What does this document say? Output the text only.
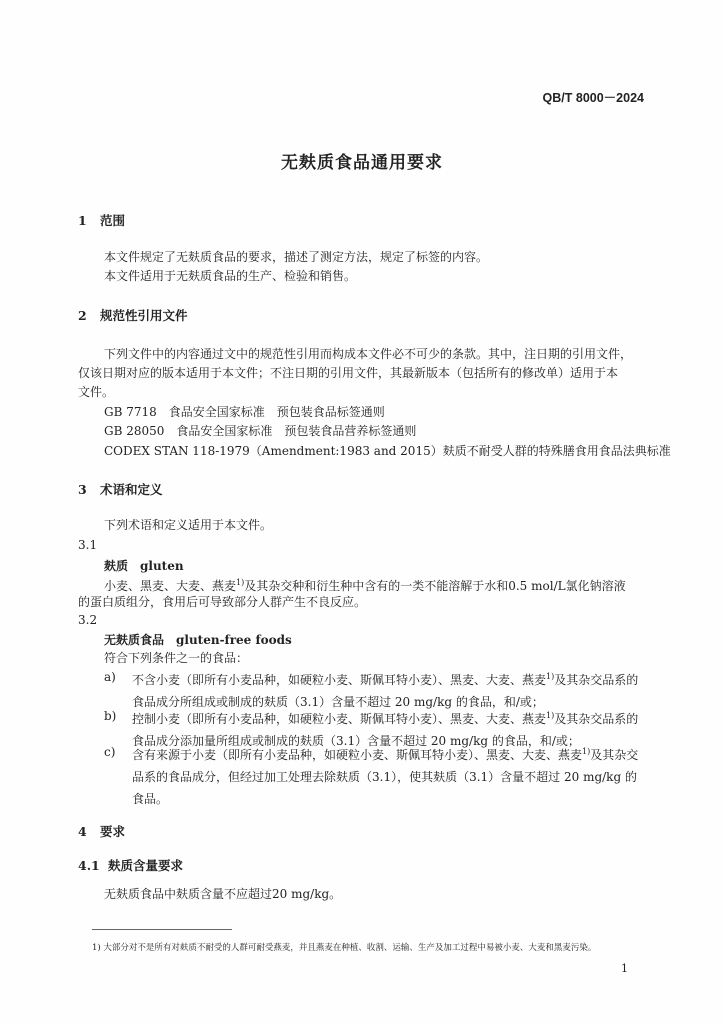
QB/T 8000－2024
无麸质食品通用要求
1 范围
本文件规定了无麸质食品的要求，描述了测定方法，规定了标签的内容。
本文件适用于无麸质食品的生产、检验和销售。
2 规范性引用文件
下列文件中的内容通过文中的规范性引用而构成本文件必不可少的条款。其中，注日期的引用文件，
仅该日期对应的版本适用于本文件；不注日期的引用文件，其最新版本（包括所有的修改单）适用于本
文件。
GB 7718　食品安全国家标准　预包装食品标签通则
GB 28050　食品安全国家标准　预包装食品营养标签通则
CODEX STAN 118-1979（Amendment:1983 and 2015）麸质不耐受人群的特殊膳食用食品法典标准
3 术语和定义
下列术语和定义适用于本文件。
3.1
麸质　gluten
小麦、黑麦、大麦、燕麦$^{1)}$及其杂交种和衍生种中含有的一类不能溶解于水和0.5 mol/L氯化钠溶液
的蛋白质组分，食用后可导致部分人群产生不良反应。
3.2
无麸质食品　gluten-free foods
符合下列条件之一的食品：
a) 不含小麦（即所有小麦品种，如硬粒小麦、斯佩耳特小麦）、黑麦、大麦、燕麦$^{1)}$及其杂交品系的食品成分所组成或制成的麸质（3.1）含量不超过 20 mg/kg 的食品，和/或；
b) 控制小麦（即所有小麦品种，如硬粒小麦、斯佩耳特小麦）、黑麦、大麦、燕麦$^{1)}$及其杂交品系的食品成分添加量所组成或制成的麸质（3.1）含量不超过 20 mg/kg 的食品，和/或；
c) 含有来源于小麦（即所有小麦品种，如硬粒小麦、斯佩耳特小麦）、黑麦、大麦、燕麦$^{1)}$及其杂交品系的食品成分，但经过加工处理去除麸质（3.1），使其麸质（3.1）含量不超过 20 mg/kg 的食品。
4 要求
4.1 麸质含量要求
无麸质食品中麸质含量不应超过20 mg/kg。
1) 大部分对不是所有对麸质不耐受的人群可耐受燕麦，并且燕麦在种植、收割、运输、生产及加工过程中易被小麦、大麦和黑麦污染。
1
